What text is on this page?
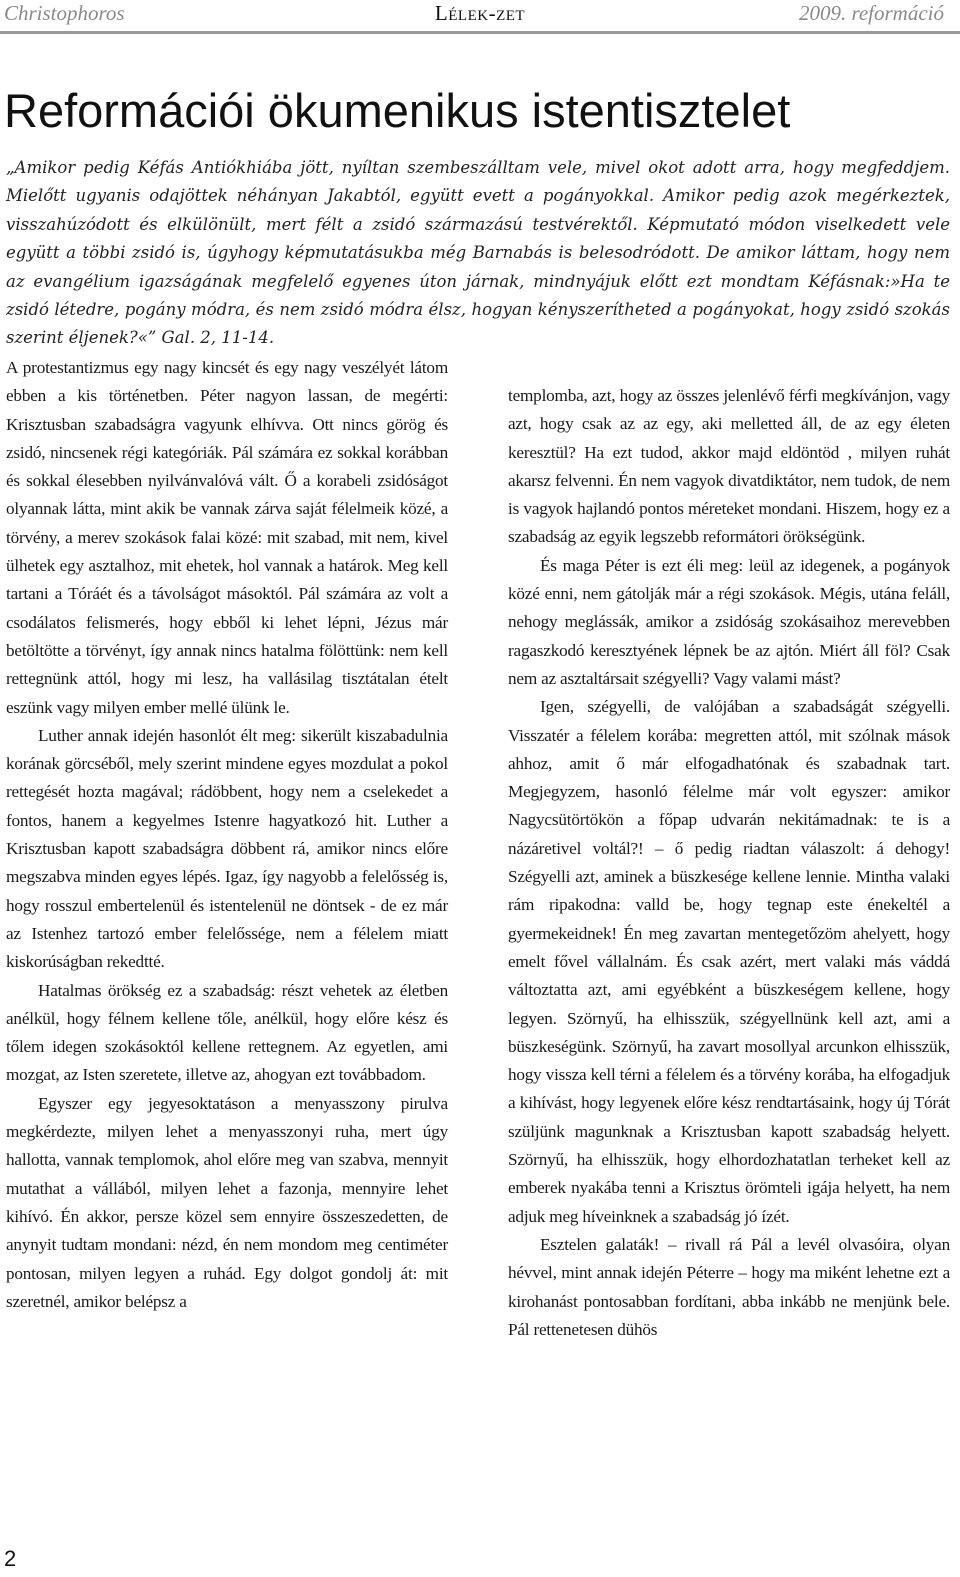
Christophoros	Lélek-zet	2009. reformáció
Reformációi ökumenikus istentisztelet

„Amikor pedig Kéfás Antiókhiába jött, nyíltan szembeszálltam vele, mivel okot adott arra, hogy megfeddjem. Mielőtt ugyanis odajöttek néhányan Jakabtól, együtt evett a pogányokkal. Amikor pedig azok megérkeztek, visszahúzódott és elkülönült, mert félt a zsidó származású testvérektől. Képmutató módon viselkedett vele együtt a többi zsidó is, úgyhogy képmutatásukba még Barnabás is belesodródott. De amikor láttam, hogy nem az evangélium igazságának megfelelő egyenes úton járnak, mindnyájuk előtt ezt mondtam Kéfásnak:»Ha te zsidó létedre, pogány módra, és nem zsidó módra élsz, hogyan kényszerítheted a pogányokat, hogy zsidó szokás szerint éljenek?«” Gal. 2, 11-14.

A protestantizmus egy nagy kincsét és egy nagy veszélyét látom ebben a kis történetben. Péter nagyon lassan, de megérti: Krisztusban szabadságra vagyunk elhívva. Ott nincs görög és zsidó, nincsenek régi kategóriák. Pál számára ez sokkal korábban és sokkal élesebben nyilvánvalóvá vált. Ő a korabeli zsidóságot olyannak látta, mint akik be vannak zárva saját félelmeik közé, a törvény, a merev szokások falai közé: mit szabad, mit nem, kivel ülhetek egy asztalhoz, mit ehetek, hol vannak a határok. Meg kell tartani a Tóráét és a távolságot másoktól. Pál számára az volt a csodálatos felismerés, hogy ebből ki lehet lépni, Jézus már betöltötte a törvényt, így annak nincs hatalma fölöttünk: nem kell rettegnünk attól, hogy mi lesz, ha vallásilag tisztátalan ételt eszünk vagy milyen ember mellé ülünk le.

Luther annak idején hasonlót élt meg: sikerült kiszabadulnia korának görcséből, mely szerint mindene egyes mozdulat a pokol rettegését hozta magával; rádöbbent, hogy nem a cselekedet a fontos, hanem a kegyelmes Istenre hagyatkozó hit. Luther a Krisztusban kapott szabadságra döbbent rá, amikor nincs előre megszabva minden egyes lépés. Igaz, így nagyobb a felelősség is, hogy rosszul embertelenül és istentelenül ne döntsek - de ez már az Istenhez tartozó ember felelőssége, nem a félelem miatt kiskorúságban rekedtté.

Hatalmas örökség ez a szabadság: részt vehetek az életben anélkül, hogy félnem kellene tőle, anélkül, hogy előre kész és tőlem idegen szokásoktól kellene rettegnem. Az egyetlen, ami mozgat, az Isten szeretete, illetve az, ahogyan ezt továbbadom.

Egyszer egy jegyesoktatáson a menyasszony pirulva megkérdezte, milyen lehet a menyasszonyi ruha, mert úgy hallotta, vannak templomok, ahol előre meg van szabva, mennyit mutathat a vállából, milyen lehet a fazonja, mennyire lehet kihívó. Én akkor, persze közel sem ennyire összeszedetten, de anynyit tudtam mondani: nézd, én nem mondom meg centiméter pontosan, milyen legyen a ruhád. Egy dolgot gondolj át: mit szeretnél, amikor belépsz a

templomba, azt, hogy az összes jelenlévő férfi megkívánjon, vagy azt, hogy csak az az egy, aki melletted áll, de az egy életen keresztül? Ha ezt tudod, akkor majd eldöntöd , milyen ruhát akarsz felvenni. Én nem vagyok divatdiktátor, nem tudok, de nem is vagyok hajlandó pontos méreteket mondani. Hiszem, hogy ez a szabadság az egyik legszebb reformátori örökségünk.

És maga Péter is ezt éli meg: leül az idegenek, a pogányok közé enni, nem gátolják már a régi szokások. Mégis, utána feláll, nehogy meglássák, amikor a zsidóság szokásaihoz merevebben ragaszkodó keresztyének lépnek be az ajtón. Miért áll föl? Csak nem az asztaltársait szégyelli? Vagy valami mást?

Igen, szégyelli, de valójában a szabadságát szégyelli. Visszatér a félelem korába: megretten attól, mit szólnak mások ahhoz, amit ő már elfogadhatónak és szabadnak tart. Megjegyzem, hasonló félelme már volt egyszer: amikor Nagycsütörtökön a főpap udvarán nekitámadnak: te is a názáretivel voltál?! – ő pedig riadtan válaszolt: á dehogy! Szégyelli azt, aminek a büszkesége kellene lennie. Mintha valaki rám ripakodna: valld be, hogy tegnap este énekeltél a gyermekeidnek! Én meg zavartan mentegetőzöm ahelyett, hogy emelt fővel vállalnám. És csak azért, mert valaki más váddá változtatta azt, ami egyébként a büszkeségem kellene, hogy legyen. Szörnyű, ha elhisszük, szégyellnünk kell azt, ami a büszkeségünk. Szörnyű, ha zavart mosollyal arcunkon elhisszük, hogy vissza kell térni a félelem és a törvény korába, ha elfogadjuk a kihívást, hogy legyenek előre kész rendtartásaink, hogy új Tórát szüljünk magunknak a Krisztusban kapott szabadság helyett. Szörnyű, ha elhisszük, hogy elhordozhatatlan terheket kell az emberek nyakába tenni a Krisztus örömteli igája helyett, ha nem adjuk meg híveinknek a szabadság jó ízét.

Esztelen galaták! – rivall rá Pál a levél olvasóira, olyan hévvel, mint annak idején Péterre – hogy ma miként lehetne ezt a kirohanást pontosabban fordítani, abba inkább ne menjünk bele. Pál rettenetesen dühös

2
